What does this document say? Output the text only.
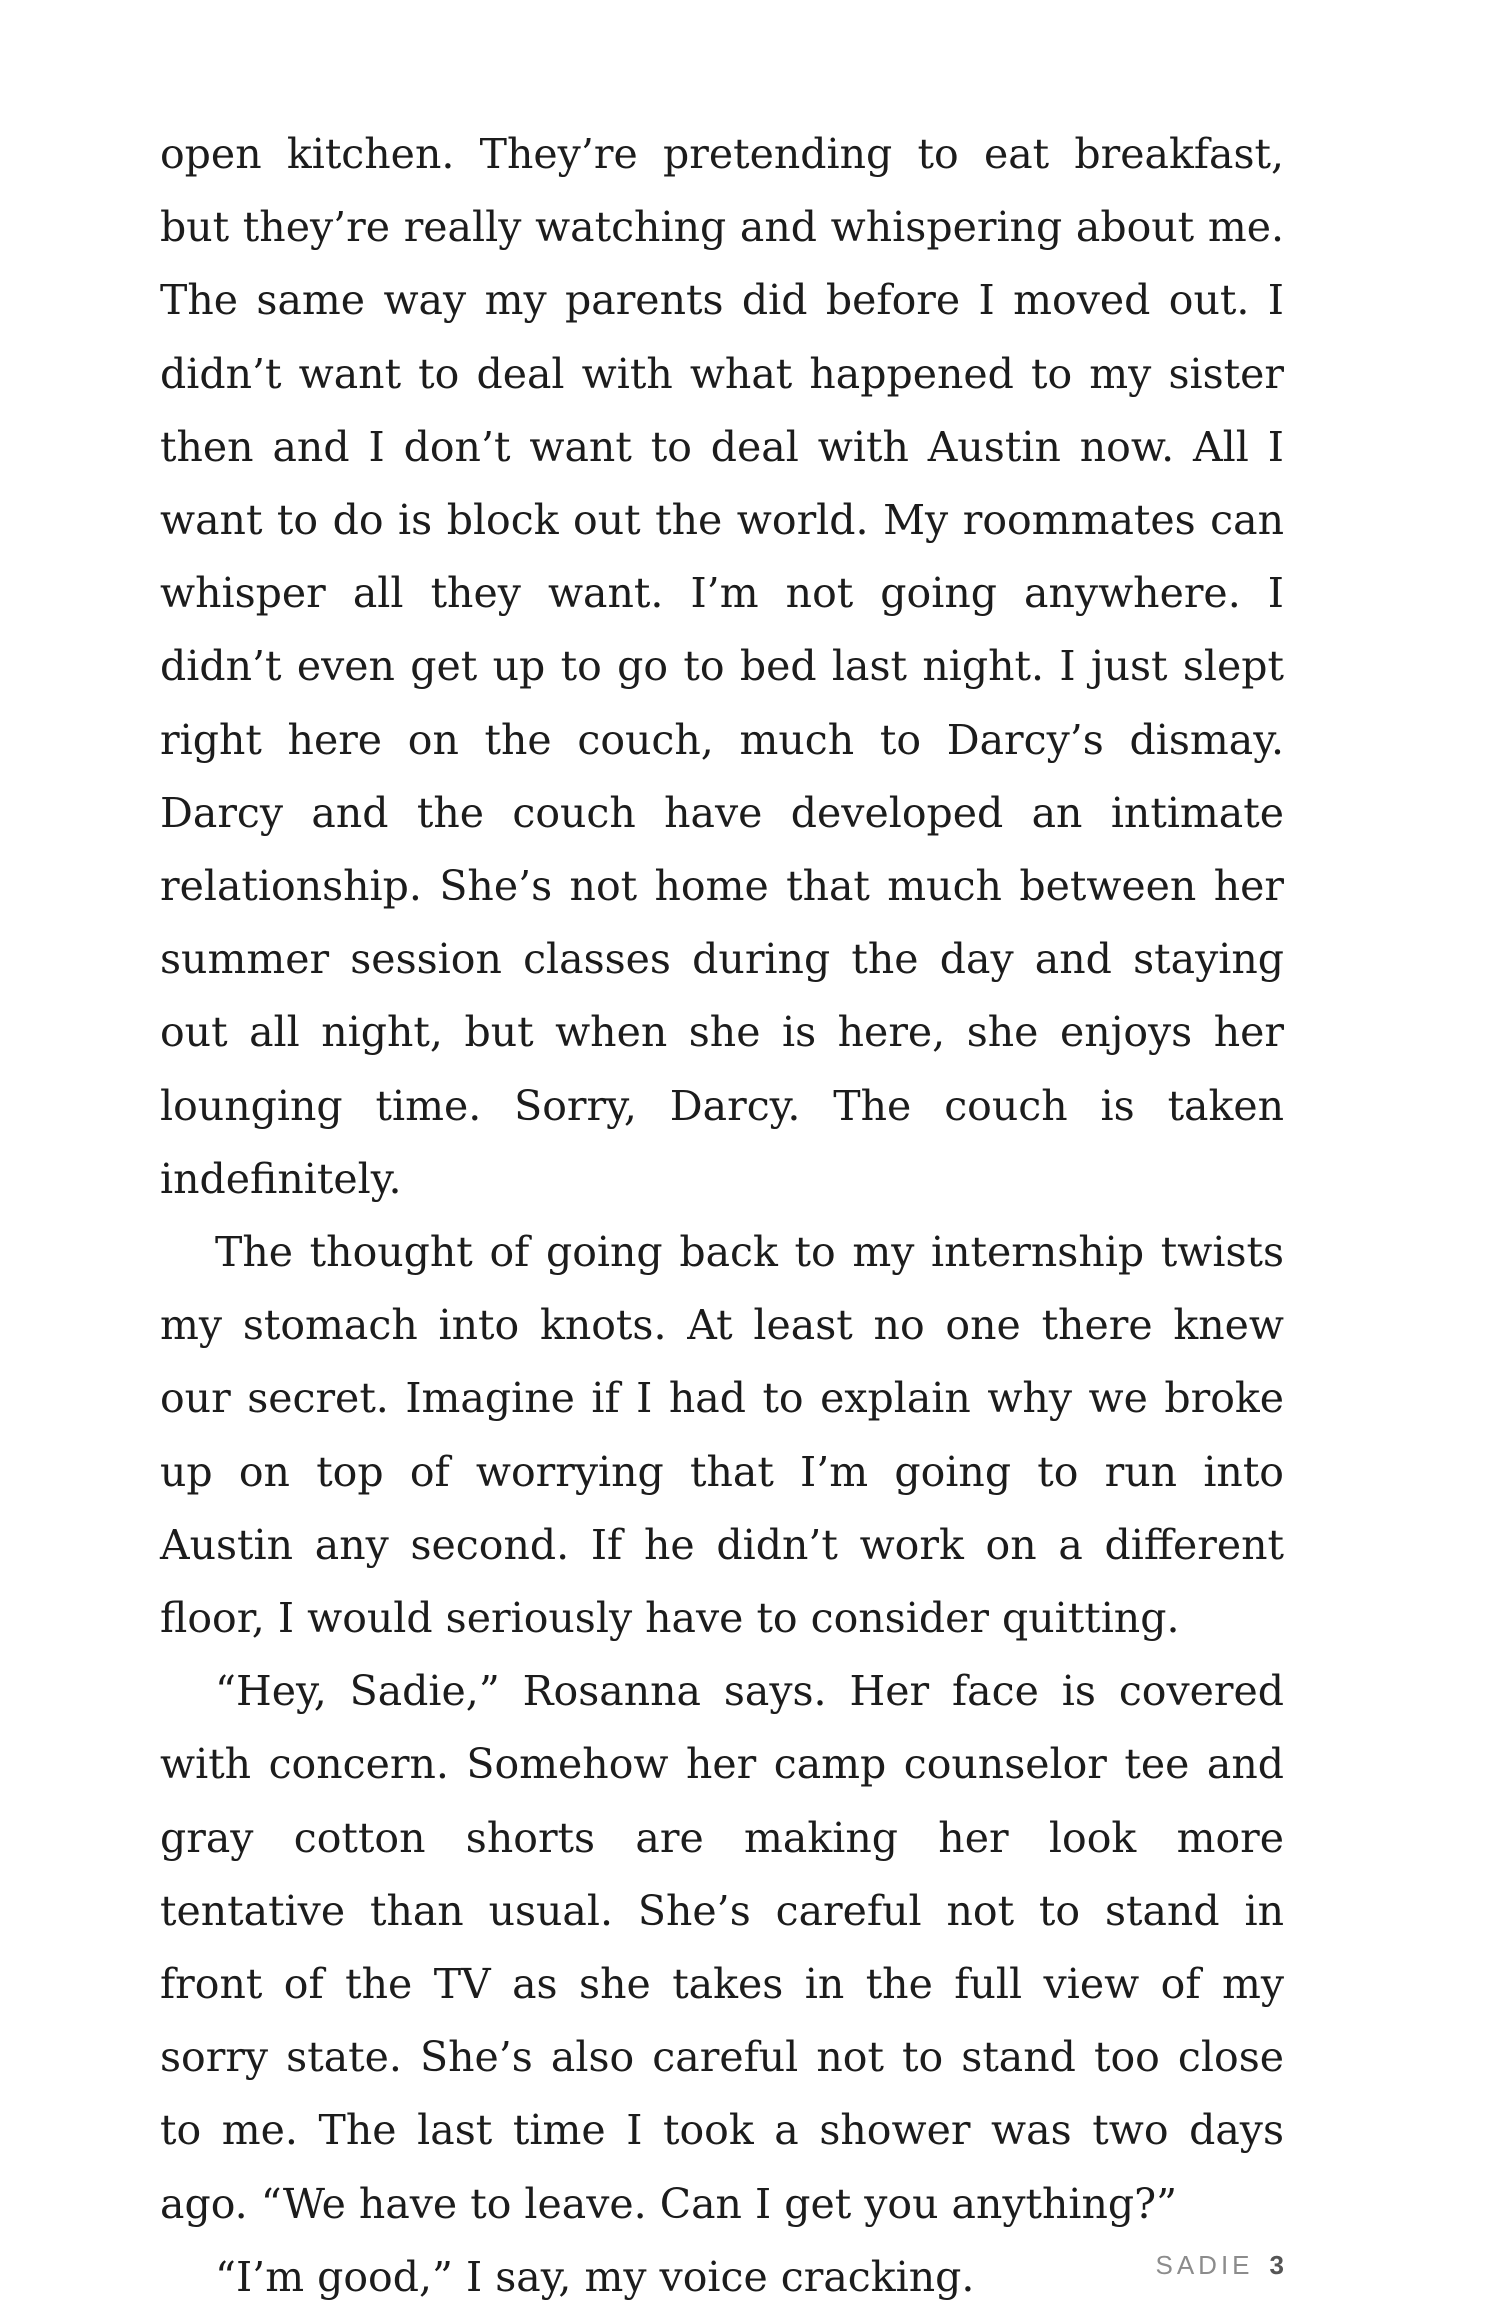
open kitchen. They’re pretending to eat breakfast, but they’re really watching and whispering about me. The same way my parents did before I moved out. I didn’t want to deal with what happened to my sister then and I don’t want to deal with Austin now. All I want to do is block out the world. My roommates can whisper all they want. I’m not going anywhere. I didn’t even get up to go to bed last night. I just slept right here on the couch, much to Darcy’s dismay. Darcy and the couch have developed an intimate relationship. She’s not home that much between her summer session classes during the day and staying out all night, but when she is here, she enjoys her lounging time. Sorry, Darcy. The couch is taken indefinitely.

The thought of going back to my internship twists my stomach into knots. At least no one there knew our secret. Imagine if I had to explain why we broke up on top of worrying that I’m going to run into Austin any second. If he didn’t work on a different floor, I would seriously have to consider quitting.

“Hey, Sadie,” Rosanna says. Her face is covered with concern. Somehow her camp counselor tee and gray cotton shorts are making her look more tentative than usual. She’s careful not to stand in front of the TV as she takes in the full view of my sorry state. She’s also careful not to stand too close to me. The last time I took a shower was two days ago. “We have to leave. Can I get you anything?”

“I’m good,” I say, my voice cracking.	SADIE 3
